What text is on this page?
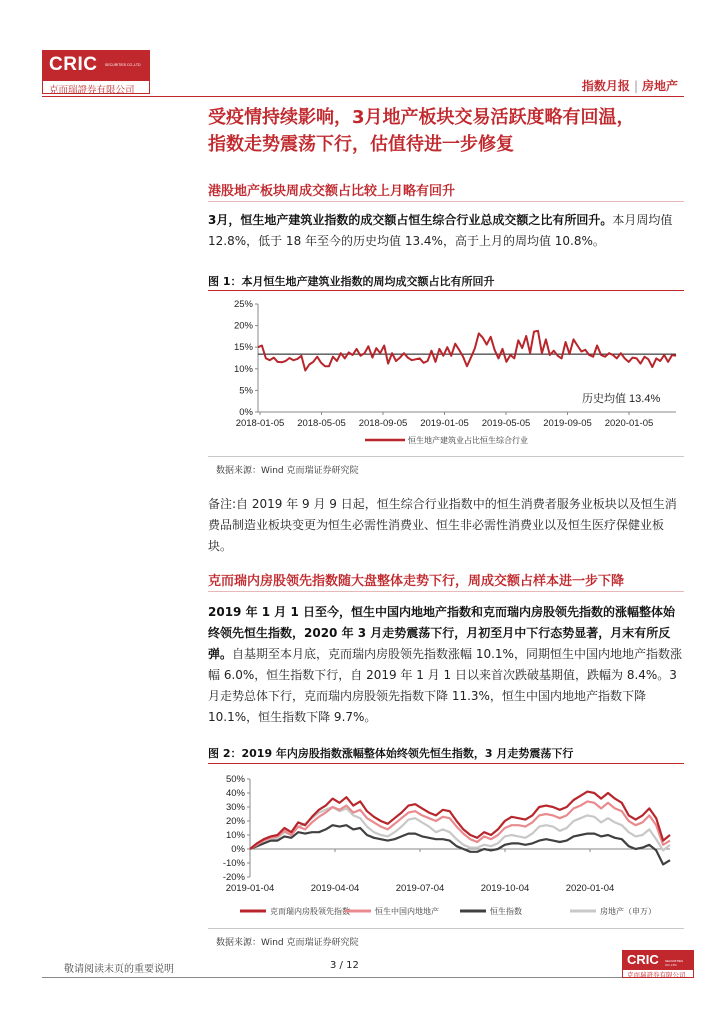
CRIC SECURITIES CO.,LTD
克而瑞證券有限公司	指数月报 | 房地产
受疫情持续影响，3月地产板块交易活跃度略有回温，
指数走势震荡下行，估值待进一步修复
港股地产板块周成交额占比较上月略有回升
3月，恒生地产建筑业指数的成交额占恒生综合行业总成交额之比有所回升。本月周均值 12.8%，低于 18 年至今的历史均值 13.4%，高于上月的周均值 10.8%。
图 1：本月恒生地产建筑业指数的周均成交额占比有所回升
0%
5%
10%
15%
20%
25%
2018-01-05 2018-05-05 2018-09-05 2019-01-05 2019-05-05 2019-09-05 2020-01-05
历史均值 13.4%
恒生地产建筑业占比恒生综合行业
数据来源：Wind 克而瑞证券研究院
备注:自 2019 年 9 月 9 日起，恒生综合行业指数中的恒生消费者服务业板块以及恒生消费品制造业板块变更为恒生必需性消费业、恒生非必需性消费业以及恒生医疗保健业板块。
克而瑞内房股领先指数随大盘整体走势下行，周成交额占样本进一步下降
2019 年 1 月 1 日至今，恒生中国内地地产指数和克而瑞内房股领先指数的涨幅整体始终领先恒生指数，2020 年 3 月走势震荡下行，月初至月中下行态势显著，月末有所反弹。自基期至本月底，克而瑞内房股领先指数涨幅 10.1%，同期恒生中国内地地产指数涨幅 6.0%，恒生指数下行，自 2019 年 1 月 1 日以来首次跌破基期值，跌幅为 8.4%。3 月走势总体下行，克而瑞内房股领先指数下降 11.3%，恒生中国内地地产指数下降 10.1%，恒生指数下降 9.7%。
图 2：2019 年内房股指数涨幅整体始终领先恒生指数，3 月走势震荡下行
-20%
-10%
0%
10%
20%
30%
40%
50%
2019-01-04	2019-04-04	2019-07-04	2019-10-04	2020-01-04
克而瑞内房股领先指数	恒生中国内地地产	恒生指数	房地产（申万）
数据来源：Wind 克而瑞证券研究院
敬请阅读末页的重要说明	3 / 12	CRIC SECURITIES CO.,LTD
克而瑞證券有限公司
